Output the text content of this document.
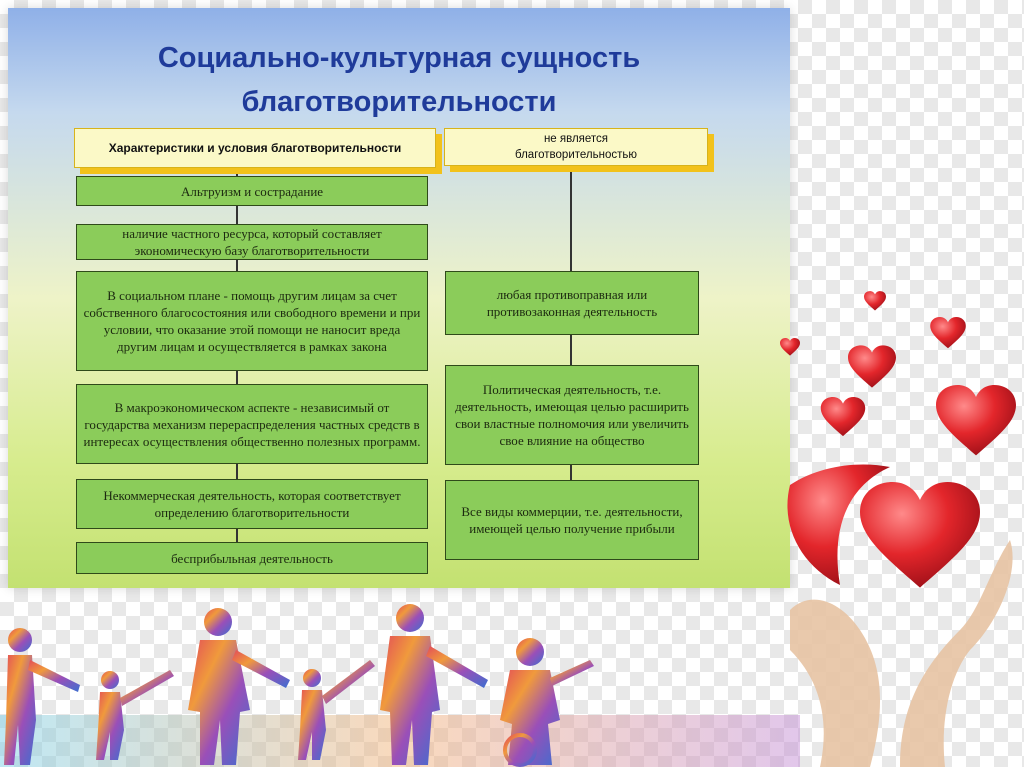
Социально-культурная сущность
благотворительности
Характеристики и условия благотворительности
не является
благотворительностью
Альтруизм и сострадание
наличие частного ресурса, который составляет экономическую базу благотворительности
В социальном плане - помощь другим лицам за счет собственного благосостояния или свободного времени и при условии, что оказание этой помощи не наносит вреда другим лицам и осуществляется в рамках закона
В макроэкономическом аспекте - независимый от государства механизм перераспределения частных средств в интересах осуществления общественно полезных программ.
Некоммерческая деятельность, которая соответствует определению благотворительности
бесприбыльная деятельность
любая противоправная или противозаконная деятельность
Политическая деятельность, т.е. деятельность, имеющая целью расширить свои властные полномочия или увеличить свое влияние на общество
Все виды коммерции, т.е. деятельности, имеющей целью получение прибыли
